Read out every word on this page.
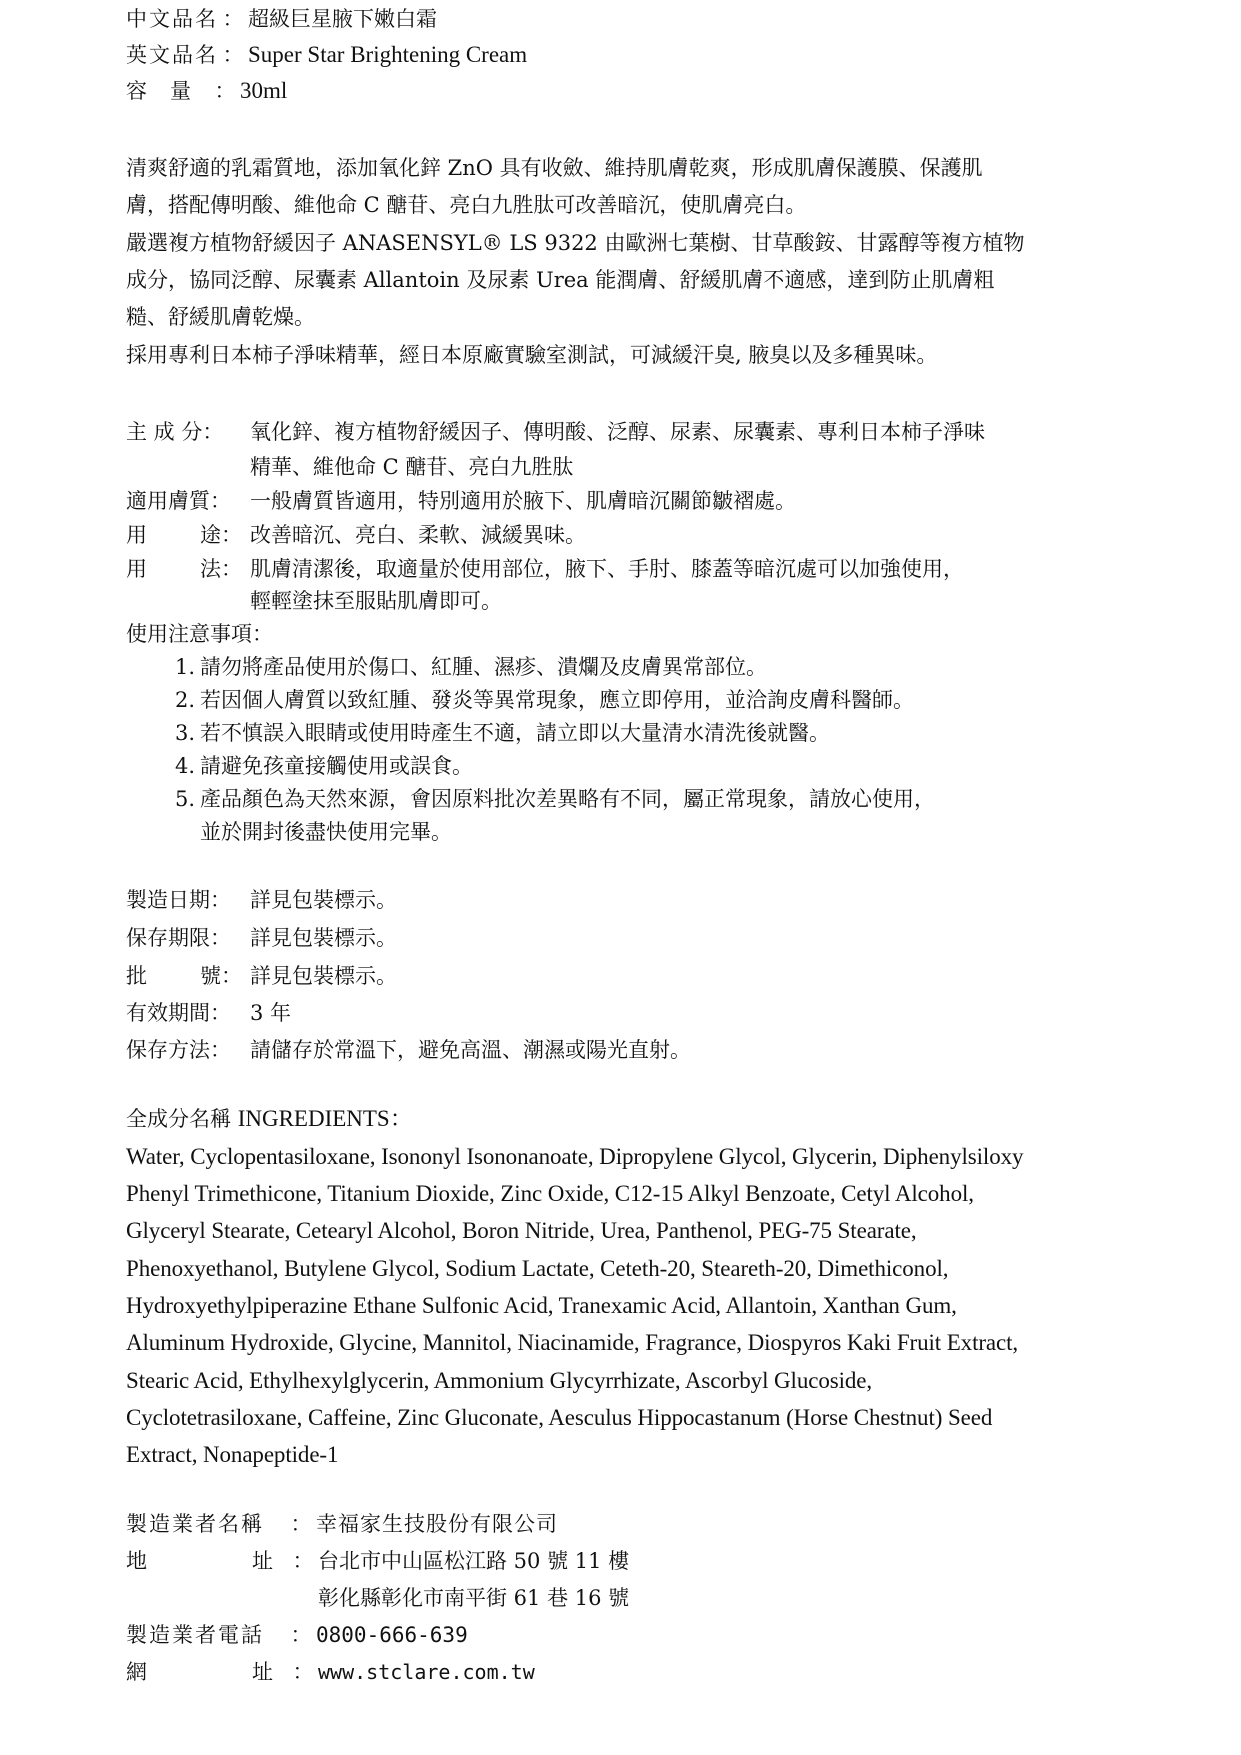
中文品名 ： 超級巨星腋下嫩白霜
英文品名 ： Super Star Brightening Cream
容 量 ： 30ml
清爽舒適的乳霜質地，添加氧化鋅 ZnO 具有收斂、維持肌膚乾爽，形成肌膚保護膜、保護肌
膚，搭配傳明酸、維他命 C 醣苷、亮白九胜肽可改善暗沉，使肌膚亮白。
嚴選複方植物舒緩因子 ANASENSYL® LS 9322 由歐洲七葉樹、甘草酸銨、甘露醇等複方植物
成分，協同泛醇、尿囊素 Allantoin 及尿素 Urea 能潤膚、舒緩肌膚不適感，達到防止肌膚粗
糙、舒緩肌膚乾燥。
採用專利日本柿子淨味精華，經日本原廠實驗室測試，可減緩汗臭, 腋臭以及多種異味。
主 成 分： 氧化鋅、複方植物舒緩因子、傳明酸、泛醇、尿素、尿囊素、專利日本柿子淨味
精華、維他命 C 醣苷、亮白九胜肽
適用膚質： 一般膚質皆適用，特別適用於腋下、肌膚暗沉關節皺褶處。
用	途： 改善暗沉、亮白、柔軟、減緩異味。
用	法： 肌膚清潔後，取適量於使用部位，腋下、手肘、膝蓋等暗沉處可以加強使用，
輕輕塗抹至服貼肌膚即可。
使用注意事項：
1. 請勿將產品使用於傷口、紅腫、濕疹、潰爛及皮膚異常部位。
2. 若因個人膚質以致紅腫、發炎等異常現象，應立即停用，並洽詢皮膚科醫師。
3. 若不慎誤入眼睛或使用時產生不適，請立即以大量清水清洗後就醫。
4. 請避免孩童接觸使用或誤食。
5. 產品顏色為天然來源，會因原料批次差異略有不同，屬正常現象，請放心使用，
並於開封後盡快使用完畢。
製造日期： 詳見包裝標示。
保存期限： 詳見包裝標示。
批	號： 詳見包裝標示。
有效期間： 3 年
保存方法： 請儲存於常溫下，避免高溫、潮濕或陽光直射。
全成分名稱 INGREDIENTS：
Water, Cyclopentasiloxane, Isononyl Isononanoate, Dipropylene Glycol, Glycerin, Diphenylsiloxy
Phenyl Trimethicone, Titanium Dioxide, Zinc Oxide, C12-15 Alkyl Benzoate, Cetyl Alcohol,
Glyceryl Stearate, Cetearyl Alcohol, Boron Nitride, Urea, Panthenol, PEG-75 Stearate,
Phenoxyethanol, Butylene Glycol, Sodium Lactate, Ceteth-20, Steareth-20, Dimethiconol,
Hydroxyethylpiperazine Ethane Sulfonic Acid, Tranexamic Acid, Allantoin, Xanthan Gum,
Aluminum Hydroxide, Glycine, Mannitol, Niacinamide, Fragrance, Diospyros Kaki Fruit Extract,
Stearic Acid, Ethylhexylglycerin, Ammonium Glycyrrhizate, Ascorbyl Glucoside,
Cyclotetrasiloxane, Caffeine, Zinc Gluconate, Aesculus Hippocastanum (Horse Chestnut) Seed
Extract, Nonapeptide-1
製造業者名稱 ： 幸福家生技股份有限公司
地	址 ： 台北市中山區松江路 50 號 11 樓
彰化縣彰化市南平街 61 巷 16 號
製造業者電話 ： 0800-666-639
網	址 ： www.stclare.com.tw
